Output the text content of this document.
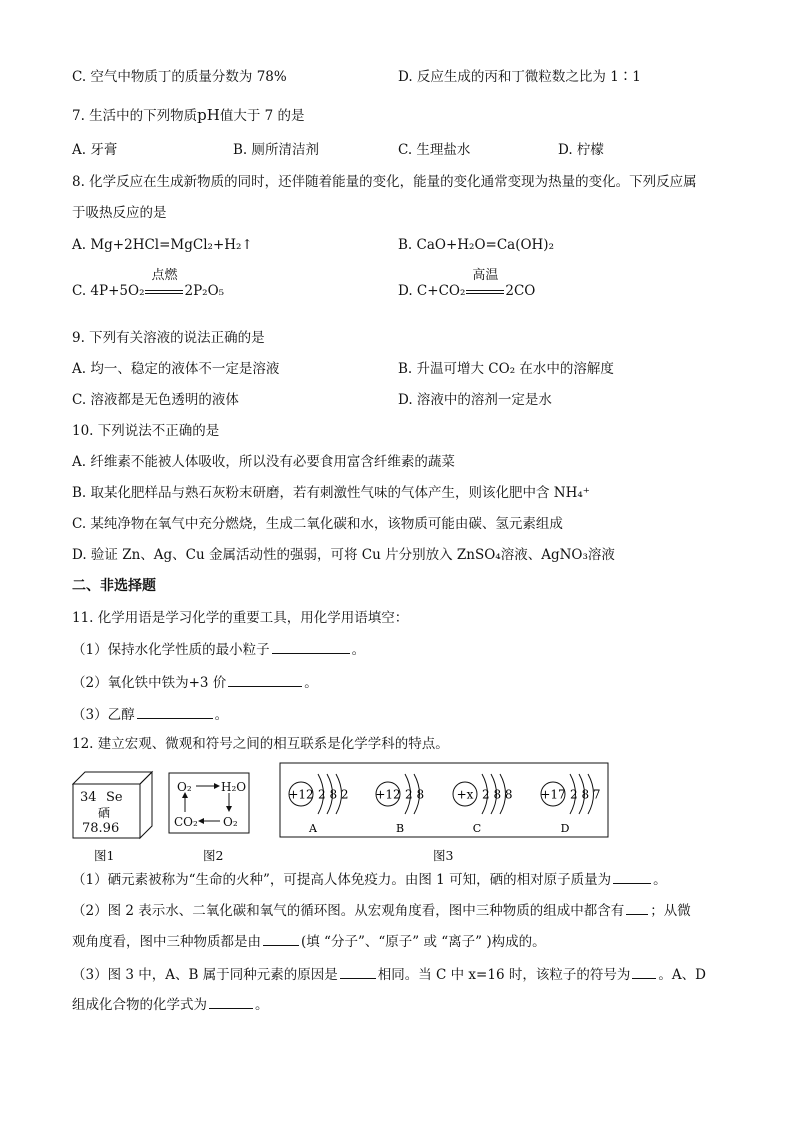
C. 空气中物质丁的质量分数为 78%	D. 反应生成的丙和丁微粒数之比为 1∶1
7. 生活中的下列物质pH值大于 7 的是
A. 牙膏	B. 厕所清洁剂	C. 生理盐水	D. 柠檬
8. 化学反应在生成新物质的同时，还伴随着能量的变化，能量的变化通常变现为热量的变化。下列反应属
于吸热反应的是
A. Mg+2HCl=MgCl₂+H₂↑	B. CaO+H₂O=Ca(OH)₂
C. 4P+5O₂
点燃
2P₂O₅	D. C+CO₂
高温
2CO
9. 下列有关溶液的说法正确的是
A. 均一、稳定的液体不一定是溶液	B. 升温可增大 CO₂ 在水中的溶解度
C. 溶液都是无色透明的液体	D. 溶液中的溶剂一定是水
10. 下列说法不正确的是
A. 纤维素不能被人体吸收，所以没有必要食用富含纤维素的蔬菜
B. 取某化肥样品与熟石灰粉末研磨，若有刺激性气味的气体产生，则该化肥中含 NH₄⁺
C. 某纯净物在氧气中充分燃烧，生成二氧化碳和水，该物质可能由碳、氢元素组成
D. 验证 Zn、Ag、Cu 金属活动性的强弱，可将 Cu 片分别放入 ZnSO₄溶液、AgNO₃溶液
二、非选择题
11. 化学用语是学习化学的重要工具，用化学用语填空：
（1）保持水化学性质的最小粒子	。
（2）氧化铁中铁为+3 价	。
（3）乙醇	。
12. 建立宏观、微观和符号之间的相互联系是化学学科的特点。
34 Se
硒
78.96
图1
O₂ H₂O
CO₂ O₂
图2
+12 2 8 2
A
+12 2 8
B
+x 2 8 8
C
+17 2 8 7
D
图3
（1）硒元素被称为“生命的火种”，可提高人体免疫力。由图 1 可知，硒的相对原子质量为	。
（2）图 2 表示水、二氧化碳和氧气的循环图。从宏观角度看，图中三种物质的组成中都含有 ；从微
观角度看，图中三种物质都是由	(填 “分子”、“原子” 或 “离子” )构成的。
（3）图 3 中，A、B 属于同种元素的原因是	相同。当 C 中 x=16 时，该粒子的符号为 。A、D
组成化合物的化学式为	。
